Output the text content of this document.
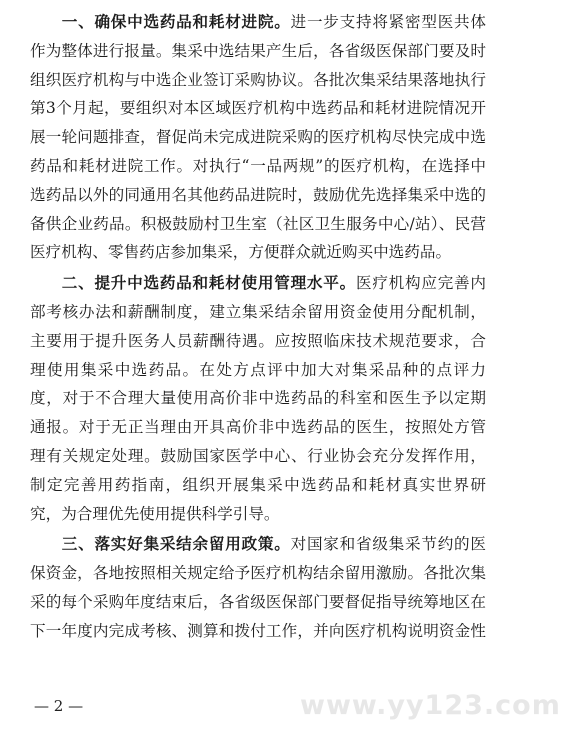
一、确保中选药品和耗材进院。进一步支持将紧密型医共体
作为整体进行报量。集采中选结果产生后，各省级医保部门要及时
组织医疗机构与中选企业签订采购协议。各批次集采结果落地执行
第3个月起，要组织对本区域医疗机构中选药品和耗材进院情况开
展一轮问题排查，督促尚未完成进院采购的医疗机构尽快完成中选
药品和耗材进院工作。对执行“一品两规”的医疗机构，在选择中
选药品以外的同通用名其他药品进院时，鼓励优先选择集采中选的
备供企业药品。积极鼓励村卫生室（社区卫生服务中心/站）、民营
医疗机构、零售药店参加集采，方便群众就近购买中选药品。
二、提升中选药品和耗材使用管理水平。医疗机构应完善内
部考核办法和薪酬制度，建立集采结余留用资金使用分配机制，
主要用于提升医务人员薪酬待遇。应按照临床技术规范要求，合
理使用集采中选药品。在处方点评中加大对集采品种的点评力
度，对于不合理大量使用高价非中选药品的科室和医生予以定期
通报。对于无正当理由开具高价非中选药品的医生，按照处方管
理有关规定处理。鼓励国家医学中心、行业协会充分发挥作用，
制定完善用药指南，组织开展集采中选药品和耗材真实世界研
究，为合理优先使用提供科学引导。
三、落实好集采结余留用政策。对国家和省级集采节约的医
保资金，各地按照相关规定给予医疗机构结余留用激励。各批次集
采的每个采购年度结束后，各省级医保部门要督促指导统筹地区在
下一年度内完成考核、测算和拨付工作，并向医疗机构说明资金性
— 2 —	www.yy123.com
